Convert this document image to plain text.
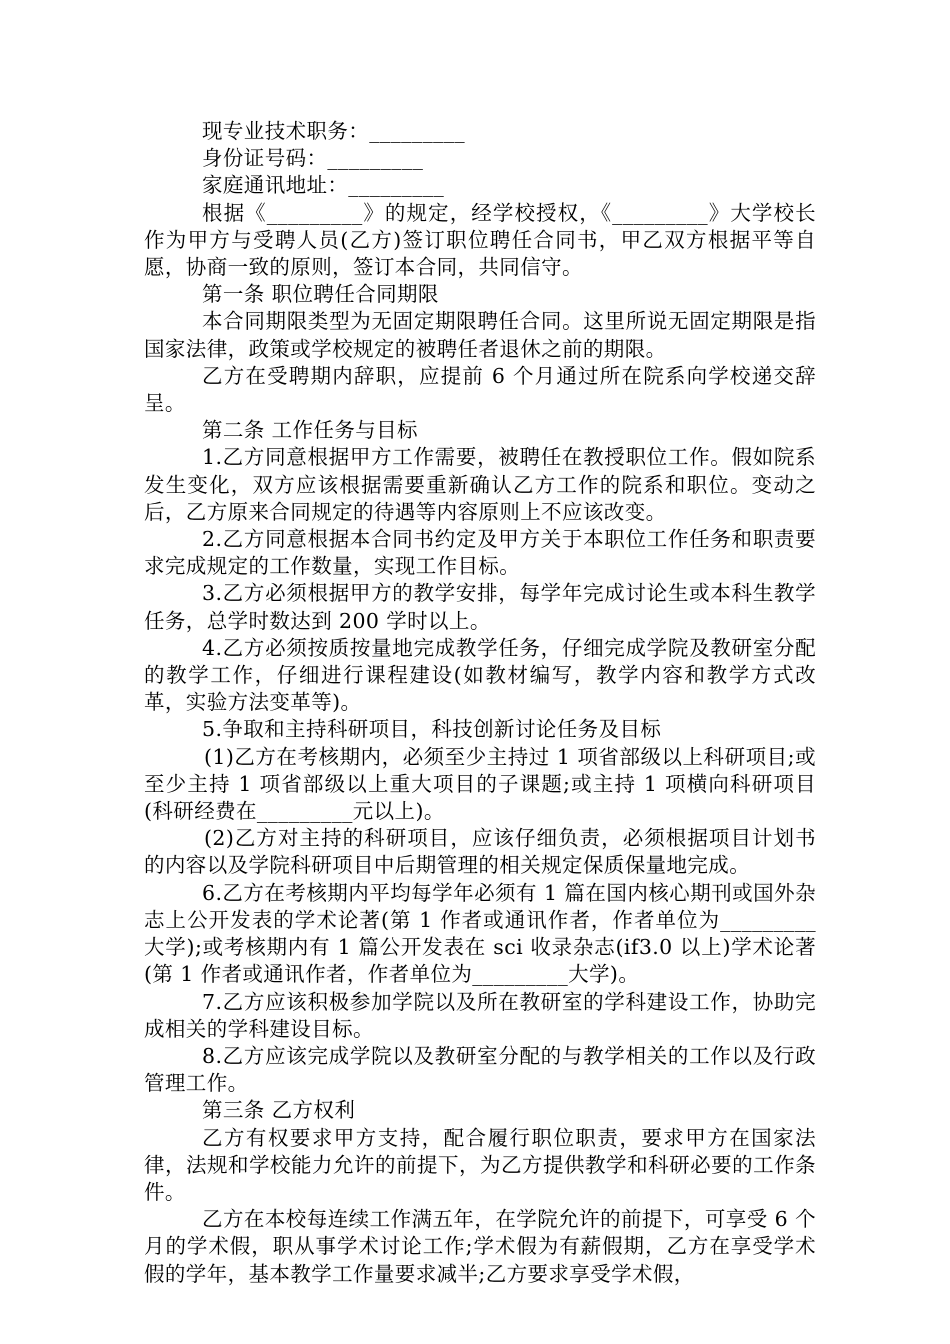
现专业技术职务：_________

身份证号码：_________

家庭通讯地址：_________

根据《_________》的规定，经学校授权，《_________》大学校长作为甲方与受聘人员(乙方)签订职位聘任合同书，甲乙双方根据平等自愿，协商一致的原则，签订本合同，共同信守。

第一条 职位聘任合同期限

本合同期限类型为无固定期限聘任合同。这里所说无固定期限是指国家法律，政策或学校规定的被聘任者退休之前的期限。

乙方在受聘期内辞职，应提前 6 个月通过所在院系向学校递交辞呈。

第二条 工作任务与目标

1.乙方同意根据甲方工作需要，被聘任在教授职位工作。假如院系发生变化，双方应该根据需要重新确认乙方工作的院系和职位。变动之后，乙方原来合同规定的待遇等内容原则上不应该改变。

2.乙方同意根据本合同书约定及甲方关于本职位工作任务和职责要求完成规定的工作数量，实现工作目标。

3.乙方必须根据甲方的教学安排，每学年完成讨论生或本科生教学任务，总学时数达到 200 学时以上。

4.乙方必须按质按量地完成教学任务，仔细完成学院及教研室分配的教学工作，仔细进行课程建设(如教材编写，教学内容和教学方式改革，实验方法变革等)。

5.争取和主持科研项目，科技创新讨论任务及目标

(1)乙方在考核期内，必须至少主持过 1 项省部级以上科研项目;或至少主持 1 项省部级以上重大项目的子课题;或主持 1 项横向科研项目(科研经费在_________元以上)。

(2)乙方对主持的科研项目，应该仔细负责，必须根据项目计划书的内容以及学院科研项目中后期管理的相关规定保质保量地完成。

6.乙方在考核期内平均每学年必须有 1 篇在国内核心期刊或国外杂志上公开发表的学术论著(第 1 作者或通讯作者，作者单位为_________大学);或考核期内有 1 篇公开发表在 sci 收录杂志(if3.0 以上)学术论著(第 1 作者或通讯作者，作者单位为_________大学)。

7.乙方应该积极参加学院以及所在教研室的学科建设工作，协助完成相关的学科建设目标。

8.乙方应该完成学院以及教研室分配的与教学相关的工作以及行政管理工作。

第三条 乙方权利

乙方有权要求甲方支持，配合履行职位职责，要求甲方在国家法律，法规和学校能力允许的前提下，为乙方提供教学和科研必要的工作条件。

乙方在本校每连续工作满五年，在学院允许的前提下，可享受 6 个月的学术假，职从事学术讨论工作;学术假为有薪假期，乙方在享受学术假的学年，基本教学工作量要求减半;乙方要求享受学术假，
